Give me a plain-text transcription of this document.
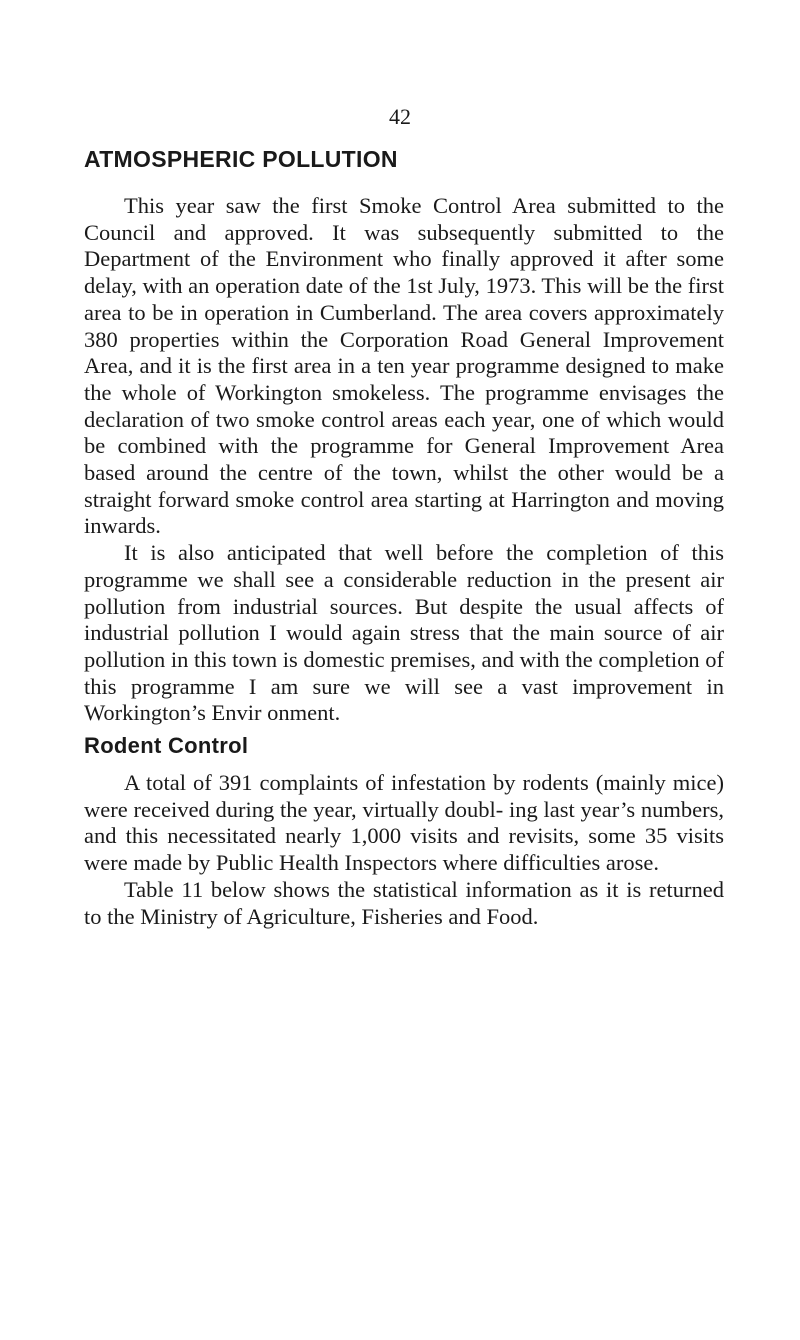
42
ATMOSPHERIC POLLUTION

This year saw the first Smoke Control Area submitted to the Council and approved. It was subsequently submitted to the Department of the Environment who finally approved it after some delay, with an operation date of the 1st July, 1973. This will be the first area to be in operation in Cumberland. The area covers approximately 380 properties within the Corporation Road General Improvement Area, and it is the first area in a ten year programme designed to make the whole of Workington smokeless. The programme envisages the declaration of two smoke control areas each year, one of which would be combined with the programme for General Improvement Area based around the centre of the town, whilst the other would be a straight forward smoke control area starting at Harrington and moving inwards.

It is also anticipated that well before the completion of this programme we shall see a considerable reduction in the present air pollution from industrial sources. But despite the usual affects of industrial pollution I would again stress that the main source of air pollution in this town is domestic premises, and with the completion of this programme I am sure we will see a vast improvement in Workington’s Envir onment.

Rodent Control

A total of 391 complaints of infestation by rodents (mainly mice) were received during the year, virtually doubl- ing last year’s numbers, and this necessitated nearly 1,000 visits and revisits, some 35 visits were made by Public Health Inspectors where difficulties arose.

Table 11 below shows the statistical information as it is returned to the Ministry of Agriculture, Fisheries and Food.
